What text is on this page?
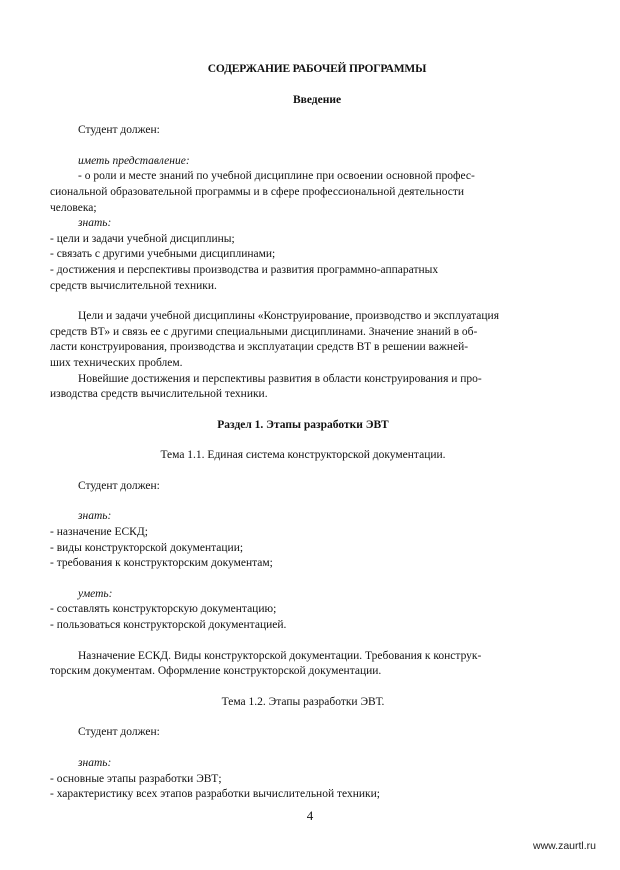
СОДЕРЖАНИЕ РАБОЧЕЙ ПРОГРАММЫ
Введение
Студент должен:
иметь представление:
- о роли и месте знаний по учебной дисциплине при освоении основной профес-
сиональной образовательной программы и в сфере профессиональной деятельности
человека;
знать:
- цели и задачи учебной дисциплины;
- связать с другими учебными дисциплинами;
- достижения и перспективы производства и развития программно-аппаратных
средств вычислительной техники.
Цели и задачи учебной дисциплины «Конструирование, производство и эксплуатация
средств ВТ» и связь ее с другими специальными дисциплинами. Значение знаний в об-
ласти конструирования, производства и эксплуатации средств ВТ в решении важней-
ших технических проблем.
Новейшие достижения и перспективы развития в области конструирования и про-
изводства средств вычислительной техники.
Раздел 1. Этапы разработки ЭВТ
Тема 1.1. Единая система конструкторской документации.
Студент должен:
знать:
- назначение ЕСКД;
- виды конструкторской документации;
- требования к конструкторским документам;
уметь:
- составлять конструкторскую документацию;
- пользоваться конструкторской документацией.
Назначение ЕСКД. Виды конструкторской документации. Требования к конструк-
торским документам. Оформление конструкторской документации.
Тема 1.2. Этапы разработки ЭВТ.
Студент должен:
знать:
- основные этапы разработки ЭВТ;
- характеристику всех этапов разработки вычислительной техники;
4
www.zaurtl.ru
